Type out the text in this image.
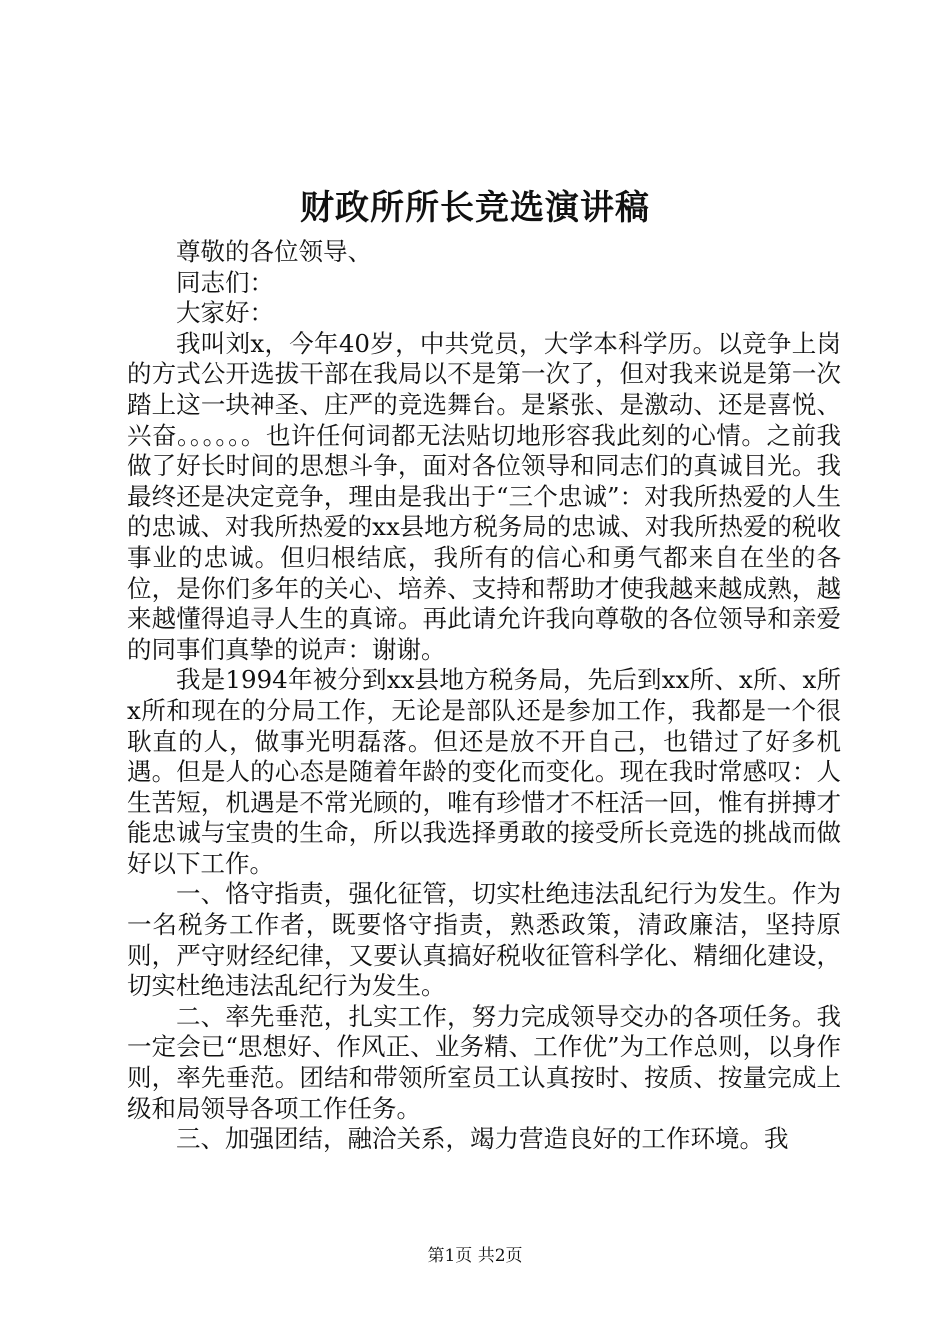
财政所所长竞选演讲稿

尊敬的各位领导、

同志们：

大家好：

我叫刘x，今年40岁，中共党员，大学本科学历。以竞争上岗的方式公开选拔干部在我局以不是第一次了，但对我来说是第一次踏上这一块神圣、庄严的竞选舞台。是紧张、是激动、还是喜悦、兴奋。。。。。。也许任何词都无法贴切地形容我此刻的心情。之前我做了好长时间的思想斗争，面对各位领导和同志们的真诚目光。我最终还是决定竞争，理由是我出于“三个忠诚”：对我所热爱的人生的忠诚、对我所热爱的xx县地方税务局的忠诚、对我所热爱的税收事业的忠诚。但归根结底，我所有的信心和勇气都来自在坐的各位，是你们多年的关心、培养、支持和帮助才使我越来越成熟，越来越懂得追寻人生的真谛。再此请允许我向尊敬的各位领导和亲爱的同事们真挚的说声：谢谢。

我是1994年被分到xx县地方税务局，先后到xx所、x所、x所x所和现在的分局工作，无论是部队还是参加工作，我都是一个很耿直的人，做事光明磊落。但还是放不开自己，也错过了好多机遇。但是人的心态是随着年龄的变化而变化。现在我时常感叹：人生苦短，机遇是不常光顾的，唯有珍惜才不枉活一回，惟有拼搏才能忠诚与宝贵的生命，所以我选择勇敢的接受所长竞选的挑战而做好以下工作。

一、恪守指责，强化征管，切实杜绝违法乱纪行为发生。作为一名税务工作者，既要恪守指责，熟悉政策，清政廉洁，坚持原则，严守财经纪律，又要认真搞好税收征管科学化、精细化建设，切实杜绝违法乱纪行为发生。

二、率先垂范，扎实工作，努力完成领导交办的各项任务。我一定会已“思想好、作风正、业务精、工作优”为工作总则，以身作则，率先垂范。团结和带领所室员工认真按时、按质、按量完成上级和局领导各项工作任务。

三、加强团结，融洽关系，竭力营造良好的工作环境。我

第1页 共2页
